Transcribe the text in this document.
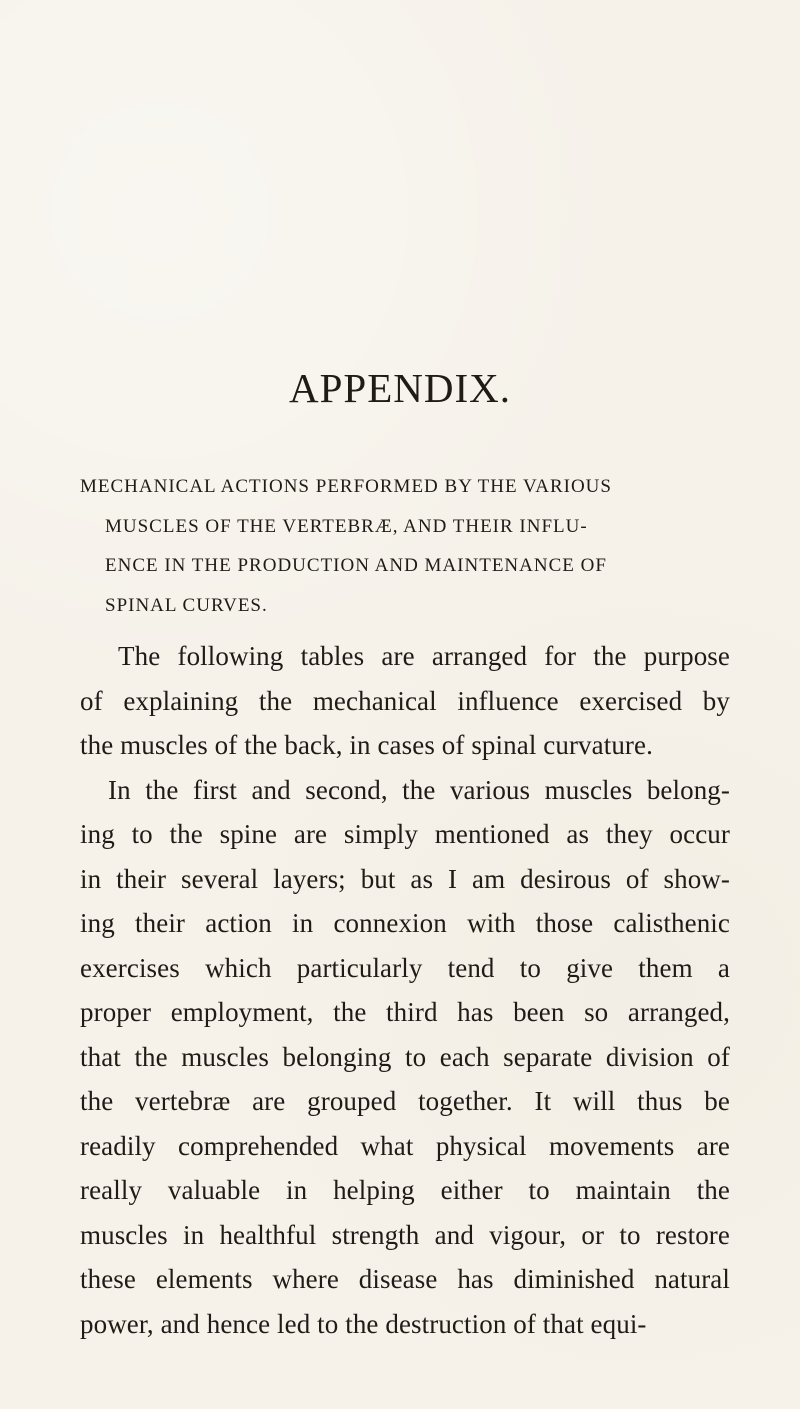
APPENDIX.
MECHANICAL ACTIONS PERFORMED BY THE VARIOUS
MUSCLES OF THE VERTEBRÆ, AND THEIR INFLU-
ENCE IN THE PRODUCTION AND MAINTENANCE OF
SPINAL CURVES.
The following tables are arranged for the purpose
of explaining the mechanical influence exercised by
the muscles of the back, in cases of spinal curvature.
In the first and second, the various muscles belong-
ing to the spine are simply mentioned as they occur
in their several layers; but as I am desirous of show-
ing their action in connexion with those calisthenic
exercises which particularly tend to give them a
proper employment, the third has been so arranged,
that the muscles belonging to each separate division of
the vertebræ are grouped together. It will thus be
readily comprehended what physical movements are
really valuable in helping either to maintain the
muscles in healthful strength and vigour, or to restore
these elements where disease has diminished natural
power, and hence led to the destruction of that equi-
